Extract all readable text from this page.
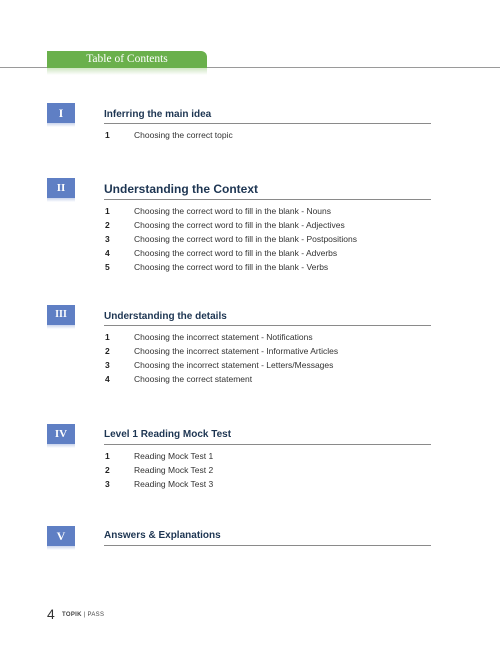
Table of Contents
I	Inferring the main idea
1	Choosing the correct topic
II	Understanding the Context
1	Choosing the correct word to fill in the blank - Nouns
2	Choosing the correct word to fill in the blank - Adjectives
3	Choosing the correct word to fill in the blank - Postpositions
4	Choosing the correct word to fill in the blank - Adverbs
5	Choosing the correct word to fill in the blank - Verbs
III	Understanding the details
1	Choosing the incorrect statement - Notifications
2	Choosing the incorrect statement - Informative Articles
3	Choosing the incorrect statement - Letters/Messages
4	Choosing the correct statement
IV	Level 1 Reading Mock Test
1	Reading Mock Test 1
2	Reading Mock Test 2
3	Reading Mock Test 3
V	Answers & Explanations
4 TOPIK | PASS
